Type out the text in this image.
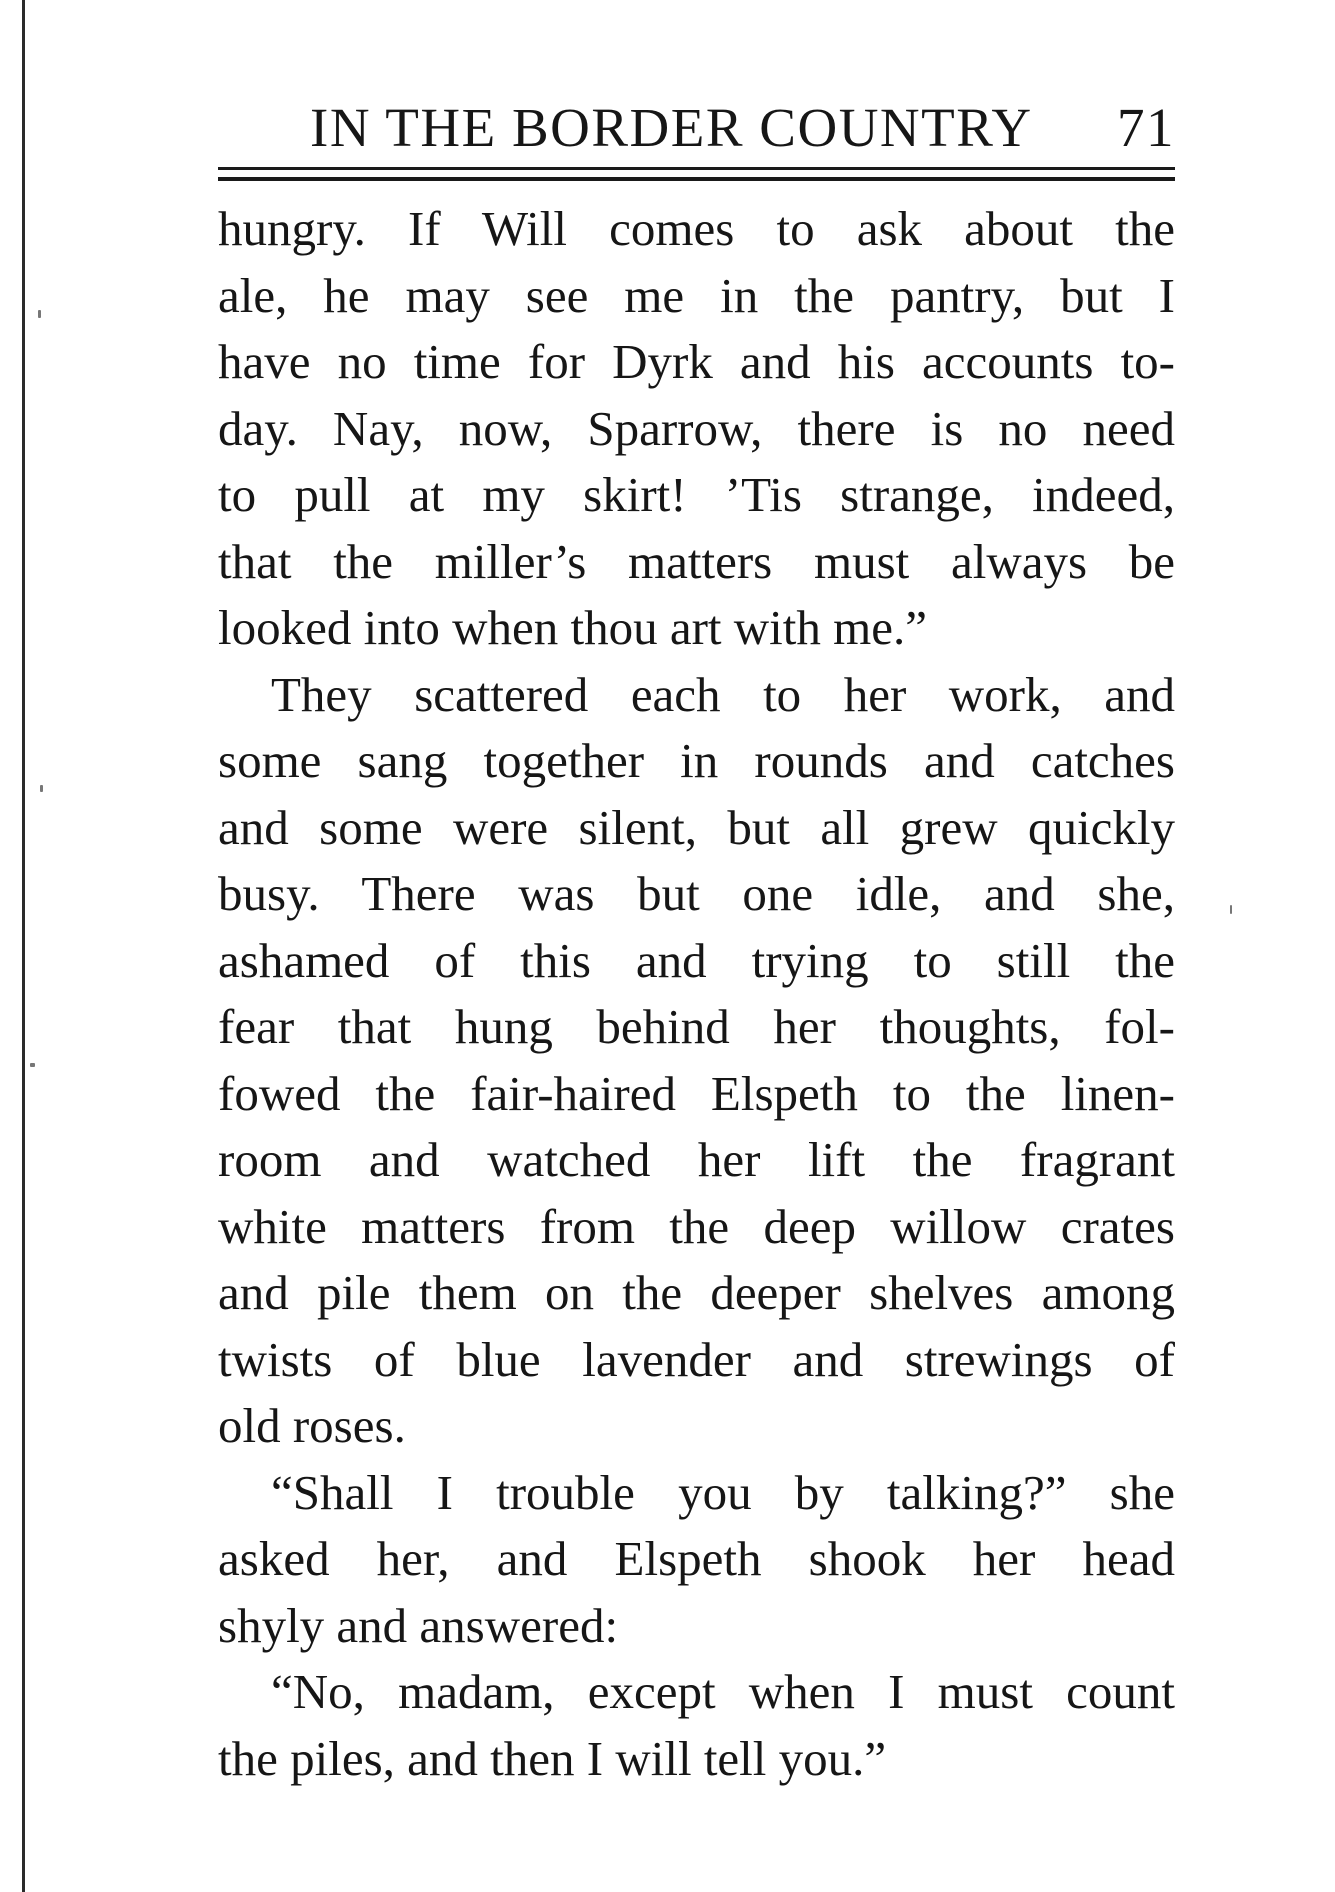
IN THE BORDER COUNTRY 71
hungry. If Will comes to ask about the
ale, he may see me in the pantry, but I
have no time for Dyrk and his accounts to-
day. Nay, now, Sparrow, there is no need
to pull at my skirt! ’Tis strange, indeed,
that the miller’s matters must always be
looked into when thou art with me.”
They scattered each to her work, and
some sang together in rounds and catches
and some were silent, but all grew quickly
busy. There was but one idle, and she,
ashamed of this and trying to still the
fear that hung behind her thoughts, fol-
fowed the fair-haired Elspeth to the linen-
room and watched her lift the fragrant
white matters from the deep willow crates
and pile them on the deeper shelves among
twists of blue lavender and strewings of
old roses.
“Shall I trouble you by talking?” she
asked her, and Elspeth shook her head
shyly and answered:
“No, madam, except when I must count
the piles, and then I will tell you.”
